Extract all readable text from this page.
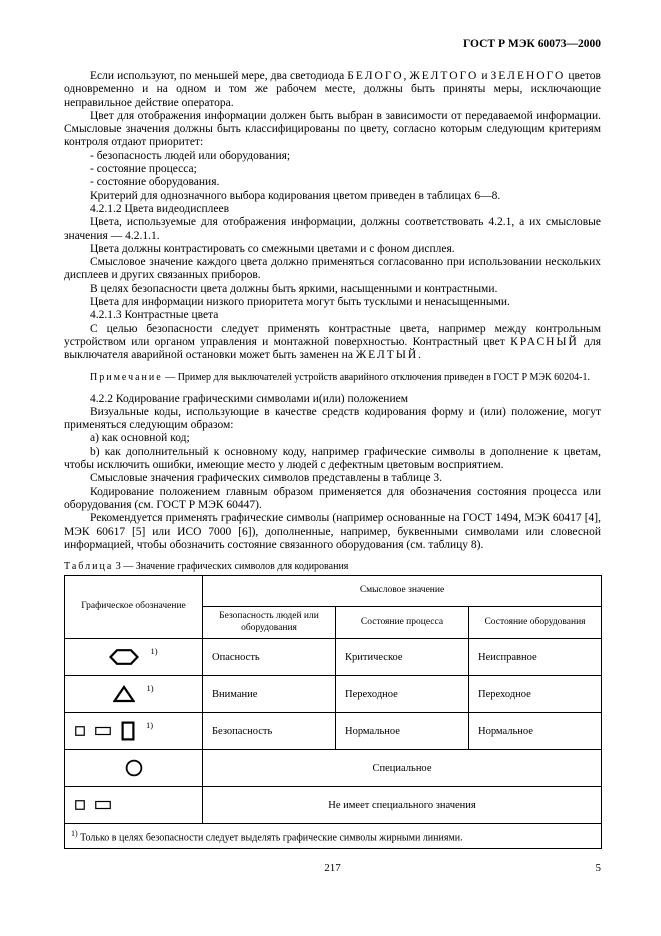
ГОСТ Р МЭК 60073—2000

Если используют, по меньшей мере, два светодиода БЕЛОГО, ЖЕЛТОГО и ЗЕЛЕНОГО цветов одновременно и на одном и том же рабочем месте, должны быть приняты меры, исключающие неправильное действие оператора.

Цвет для отображения информации должен быть выбран в зависимости от передаваемой информации. Смысловые значения должны быть классифицированы по цвету, согласно которым следующим критериям контроля отдают приоритет:

- безопасность людей или оборудования;

- состояние процесса;

- состояние оборудования.

Критерий для однозначного выбора кодирования цветом приведен в таблицах 6—8.

4.2.1.2 Цвета видеодисплеев

Цвета, используемые для отображения информации, должны соответствовать 4.2.1, а их смысловые значения — 4.2.1.1.

Цвета должны контрастировать со смежными цветами и с фоном дисплея.

Смысловое значение каждого цвета должно применяться согласованно при использовании нескольких дисплеев и других связанных приборов.

В целях безопасности цвета должны быть яркими, насыщенными и контрастными.

Цвета для информации низкого приоритета могут быть тусклыми и ненасыщенными.

4.2.1.3 Контрастные цвета

С целью безопасности следует применять контрастные цвета, например между контрольным устройством или органом управления и монтажной поверхностью. Контрастный цвет КРАСНЫЙ для выключателя аварийной остановки может быть заменен на ЖЕЛТЫЙ.

Примечание — Пример для выключателей устройств аварийного отключения приведен в ГОСТ Р МЭК 60204-1.

4.2.2 Кодирование графическими символами и(или) положением

Визуальные коды, использующие в качестве средств кодирования форму и (или) положение, могут применяться следующим образом:

a) как основной код;

b) как дополнительный к основному коду, например графические символы в дополнение к цветам, чтобы исключить ошибки, имеющие место у людей с дефектным цветовым восприятием.

Смысловые значения графических символов представлены в таблице 3.

Кодирование положением главным образом применяется для обозначения состояния процесса или оборудования (см. ГОСТ Р МЭК 60447).

Рекомендуется применять графические символы (например основанные на ГОСТ 1494, МЭК 60417 [4], МЭК 60617 [5] или ИСО 7000 [6]), дополненные, например, буквенными символами или словесной информацией, чтобы обозначить состояние связанного оборудования (см. таблицу 8).

Таблица 3 — Значение графических символов для кодирования
Графическое обозначение	Смысловое значение		
	Безопасность людей или оборудования	Состояние процесса	Состояние оборудования

$^{1)}$	Опасность	Критическое	Неисправное

$^{1)}$	Внимание	Переходное	Переходное

$^{1)}$	Безопасность	Нормальное	Нормальное

	Специальное		

	Не имеет специального значения		
$^{1)}$ Только в целях безопасности следует выделять графические символы жирными линиями.			
217	5
